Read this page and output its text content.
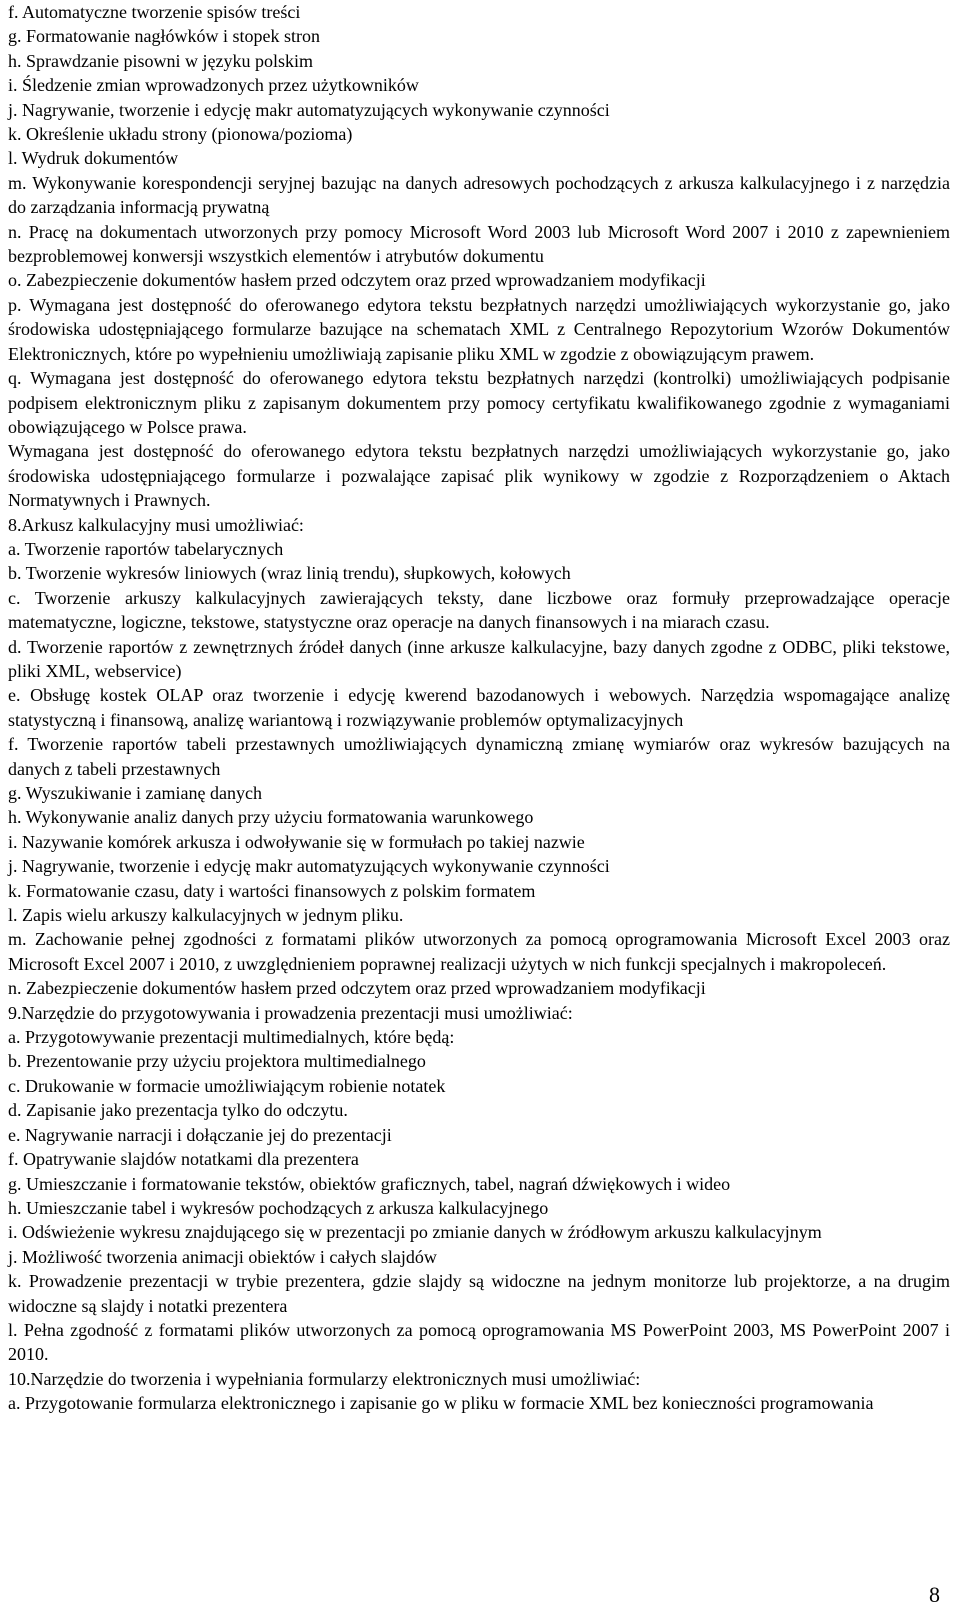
f. Automatyczne tworzenie spisów treści

g. Formatowanie nagłówków i stopek stron

h. Sprawdzanie pisowni w języku polskim

i. Śledzenie zmian wprowadzonych przez użytkowników

j. Nagrywanie, tworzenie i edycję makr automatyzujących wykonywanie czynności

k. Określenie układu strony (pionowa/pozioma)

l. Wydruk dokumentów

m. Wykonywanie korespondencji seryjnej bazując na danych adresowych pochodzących z arkusza kalkulacyjnego i z narzędzia do zarządzania informacją prywatną

n. Pracę na dokumentach utworzonych przy pomocy Microsoft Word 2003 lub Microsoft Word 2007 i 2010 z zapewnieniem bezproblemowej konwersji wszystkich elementów i atrybutów dokumentu

o. Zabezpieczenie dokumentów hasłem przed odczytem oraz przed wprowadzaniem modyfikacji

p. Wymagana jest dostępność do oferowanego edytora tekstu bezpłatnych narzędzi umożliwiających wykorzystanie go, jako środowiska udostępniającego formularze bazujące na schematach XML z Centralnego Repozytorium Wzorów Dokumentów Elektronicznych, które po wypełnieniu umożliwiają zapisanie pliku XML w zgodzie z obowiązującym prawem.

q. Wymagana jest dostępność do oferowanego edytora tekstu bezpłatnych narzędzi (kontrolki) umożliwiających podpisanie podpisem elektronicznym pliku z zapisanym dokumentem przy pomocy certyfikatu kwalifikowanego zgodnie z wymaganiami obowiązującego w Polsce prawa.

Wymagana jest dostępność do oferowanego edytora tekstu bezpłatnych narzędzi umożliwiających wykorzystanie go, jako środowiska udostępniającego formularze i pozwalające zapisać plik wynikowy w zgodzie z Rozporządzeniem o Aktach Normatywnych i Prawnych.

8.Arkusz kalkulacyjny musi umożliwiać:

a. Tworzenie raportów tabelarycznych

b. Tworzenie wykresów liniowych (wraz linią trendu), słupkowych, kołowych

c. Tworzenie arkuszy kalkulacyjnych zawierających teksty, dane liczbowe oraz formuły przeprowadzające operacje matematyczne, logiczne, tekstowe, statystyczne oraz operacje na danych finansowych i na miarach czasu.

d. Tworzenie raportów z zewnętrznych źródeł danych (inne arkusze kalkulacyjne, bazy danych zgodne z ODBC, pliki tekstowe, pliki XML, webservice)

e. Obsługę kostek OLAP oraz tworzenie i edycję kwerend bazodanowych i webowych. Narzędzia wspomagające analizę statystyczną i finansową, analizę wariantową i rozwiązywanie problemów optymalizacyjnych

f. Tworzenie raportów tabeli przestawnych umożliwiających dynamiczną zmianę wymiarów oraz wykresów bazujących na danych z tabeli przestawnych

g. Wyszukiwanie i zamianę danych

h. Wykonywanie analiz danych przy użyciu formatowania warunkowego

i. Nazywanie komórek arkusza i odwoływanie się w formułach po takiej nazwie

j. Nagrywanie, tworzenie i edycję makr automatyzujących wykonywanie czynności

k. Formatowanie czasu, daty i wartości finansowych z polskim formatem

l. Zapis wielu arkuszy kalkulacyjnych w jednym pliku.

m. Zachowanie pełnej zgodności z formatami plików utworzonych za pomocą oprogramowania Microsoft Excel 2003 oraz Microsoft Excel 2007 i 2010, z uwzględnieniem poprawnej realizacji użytych w nich funkcji specjalnych i makropoleceń.

n. Zabezpieczenie dokumentów hasłem przed odczytem oraz przed wprowadzaniem modyfikacji

9.Narzędzie do przygotowywania i prowadzenia prezentacji musi umożliwiać:

a. Przygotowywanie prezentacji multimedialnych, które będą:

b. Prezentowanie przy użyciu projektora multimedialnego

c. Drukowanie w formacie umożliwiającym robienie notatek

d. Zapisanie jako prezentacja tylko do odczytu.

e. Nagrywanie narracji i dołączanie jej do prezentacji

f. Opatrywanie slajdów notatkami dla prezentera

g. Umieszczanie i formatowanie tekstów, obiektów graficznych, tabel, nagrań dźwiękowych i wideo

h. Umieszczanie tabel i wykresów pochodzących z arkusza kalkulacyjnego

i. Odświeżenie wykresu znajdującego się w prezentacji po zmianie danych w źródłowym arkuszu kalkulacyjnym

j. Możliwość tworzenia animacji obiektów i całych slajdów

k. Prowadzenie prezentacji w trybie prezentera, gdzie slajdy są widoczne na jednym monitorze lub projektorze, a na drugim widoczne są slajdy i notatki prezentera

l. Pełna zgodność z formatami plików utworzonych za pomocą oprogramowania MS PowerPoint 2003, MS PowerPoint 2007 i 2010.

10.Narzędzie do tworzenia i wypełniania formularzy elektronicznych musi umożliwiać:

a. Przygotowanie formularza elektronicznego i zapisanie go w pliku w formacie XML bez konieczności programowania

8
